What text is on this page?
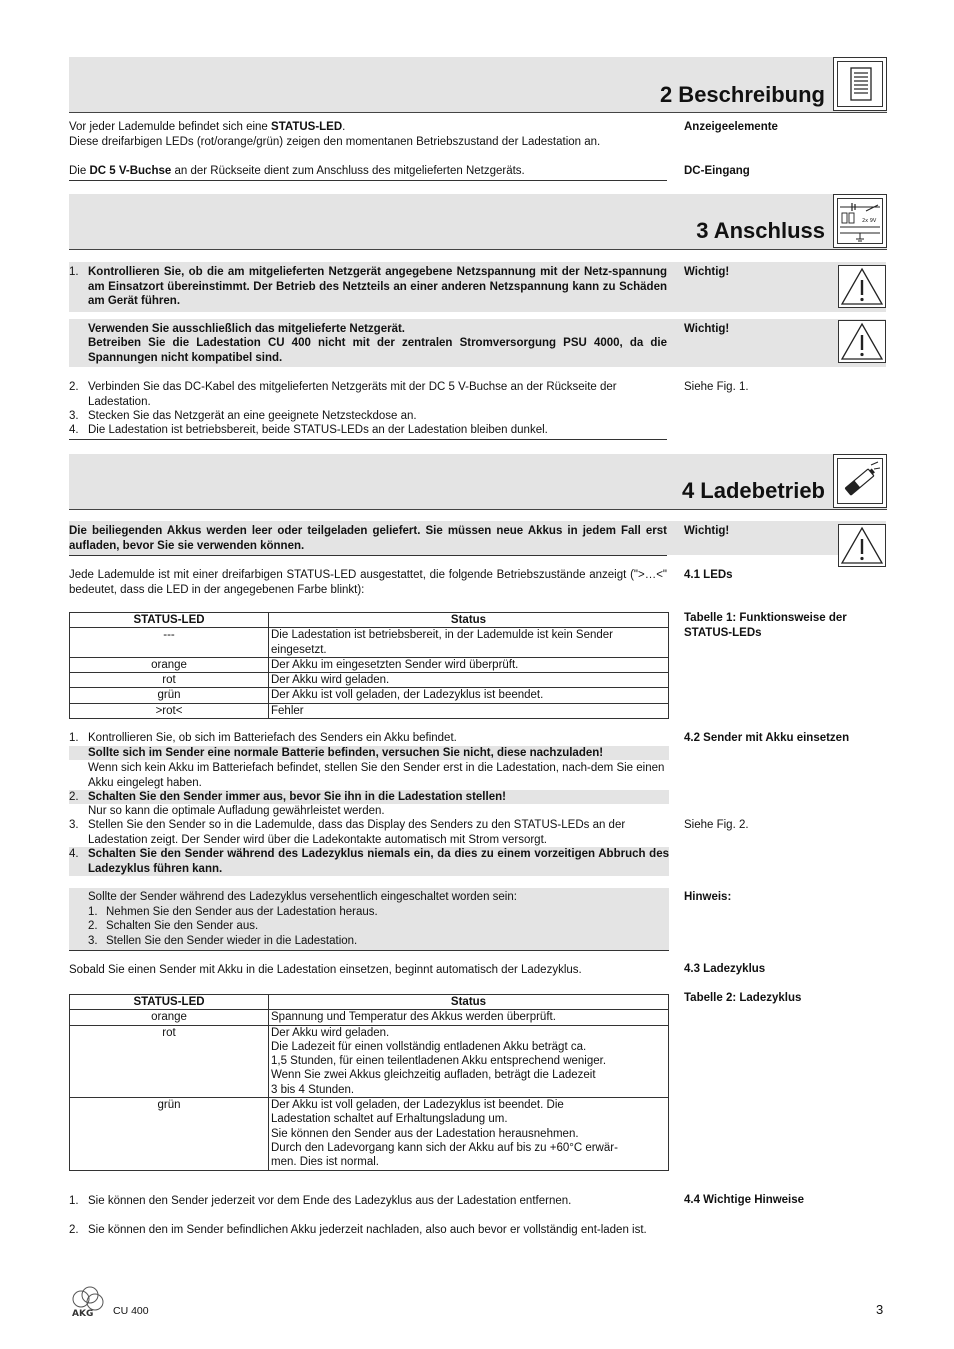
2 Beschreibung
Vor jeder Lademulde befindet sich eine STATUS-LED.
Diese dreifarbigen LEDs (rot/orange/grün) zeigen den momentanen Betriebszustand der Ladestation an.
Anzeigeelemente
Die DC 5 V-Buchse an der Rückseite dient zum Anschluss des mitgelieferten Netzgeräts.	DC-Eingang
3 Anschluss	2x 9V
1. Kontrollieren Sie, ob die am mitgelieferten Netzgerät angegebene Netzspannung mit der Netz-spannung am Einsatzort übereinstimmt. Der Betrieb des Netzteils an einer anderen Netzspannung kann zu Schäden am Gerät führen.
Wichtig!
Verwenden Sie ausschließlich das mitgelieferte Netzgerät.
Betreiben Sie die Ladestation CU 400 nicht mit der zentralen Stromversorgung PSU 4000, da die Spannungen nicht kompatibel sind.
Wichtig!
2. Verbinden Sie das DC-Kabel des mitgelieferten Netzgeräts mit der DC 5 V-Buchse an der Rückseite der Ladestation.
Siehe Fig. 1.
3. Stecken Sie das Netzgerät an eine geeignete Netzsteckdose an.
4. Die Ladestation ist betriebsbereit, beide STATUS-LEDs an der Ladestation bleiben dunkel.
4 Ladebetrieb
Die beiliegenden Akkus werden leer oder teilgeladen geliefert. Sie müssen neue Akkus in jedem Fall erst aufladen, bevor Sie sie verwenden können.
Wichtig!
Jede Lademulde ist mit einer dreifarbigen STATUS-LED ausgestattet, die folgende Betriebszustände anzeigt (">…<" bedeutet, dass die LED in der angegebenen Farbe blinkt):
4.1 LEDs
Tabelle 1: Funktionsweise der STATUS-LEDs
STATUS-LED	Status
---	Die Ladestation ist betriebsbereit, in der Lademulde ist kein Sender eingesetzt.
orange	Der Akku im eingesetzten Sender wird überprüft.
rot	Der Akku wird geladen.
grün	Der Akku ist voll geladen, der Ladezyklus ist beendet.
>rot<	Fehler
4.2 Sender mit Akku einsetzen
1. Kontrollieren Sie, ob sich im Batteriefach des Senders ein Akku befindet.
Sollte sich im Sender eine normale Batterie befinden, versuchen Sie nicht, diese nachzuladen!
Wenn sich kein Akku im Batteriefach befindet, stellen Sie den Sender erst in die Ladestation, nach-dem Sie einen Akku eingelegt haben.
2. Schalten Sie den Sender immer aus, bevor Sie ihn in die Ladestation stellen!
Nur so kann die optimale Aufladung gewährleistet werden.
3. Stellen Sie den Sender so in die Lademulde, dass das Display des Senders zu den STATUS-LEDs an der Ladestation zeigt. Der Sender wird über die Ladekontakte automatisch mit Strom versorgt.
Siehe Fig. 2.
4. Schalten Sie den Sender während des Ladezyklus niemals ein, da dies zu einem vorzeitigen Abbruch des Ladezyklus führen kann.
Sollte der Sender während des Ladezyklus versehentlich eingeschaltet worden sein:	Hinweis:
1. Nehmen Sie den Sender aus der Ladestation heraus.
2. Schalten Sie den Sender aus.
3. Stellen Sie den Sender wieder in die Ladestation.
Sobald Sie einen Sender mit Akku in die Ladestation einsetzen, beginnt automatisch der Ladezyklus.	4.3 Ladezyklus
Tabelle 2: Ladezyklus
STATUS-LED	Status
orange	Spannung und Temperatur des Akkus werden überprüft.
rot	Der Akku wird geladen.
Die Ladezeit für einen vollständig entladenen Akku beträgt ca.
1,5 Stunden, für einen teilentladenen Akku entsprechend weniger.
Wenn Sie zwei Akkus gleichzeitig aufladen, beträgt die Ladezeit
3 bis 4 Stunden.

grün	Der Akku ist voll geladen, der Ladezyklus ist beendet. Die
Ladestation schaltet auf Erhaltungsladung um.
Sie können den Sender aus der Ladestation herausnehmen.
Durch den Ladevorgang kann sich der Akku auf bis zu +60°C erwär-
men. Dies ist normal.
4.4 Wichtige Hinweise
1. Sie können den Sender jederzeit vor dem Ende des Ladezyklus aus der Ladestation entfernen.
2. Sie können den im Sender befindlichen Akku jederzeit nachladen, also auch bevor er vollständig ent-laden ist.
AKG CU 400	3
